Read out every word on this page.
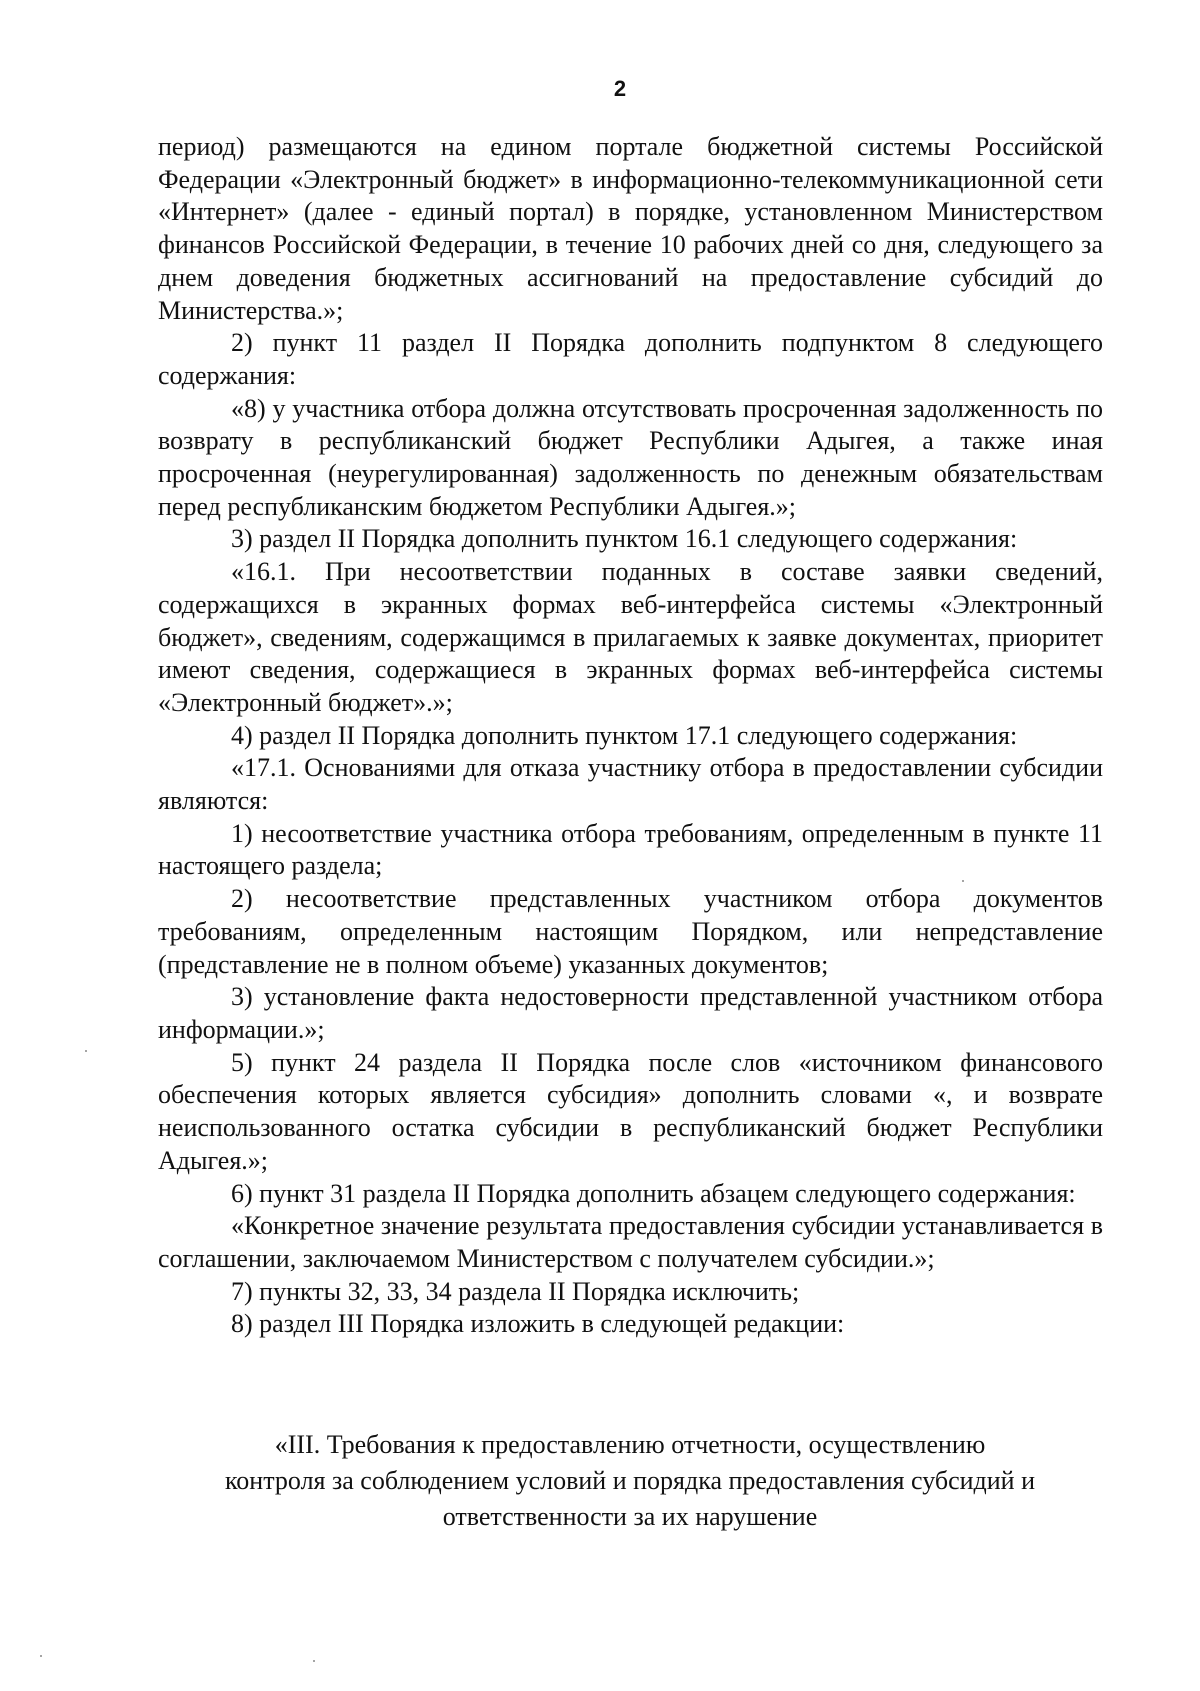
2

период) размещаются на едином портале бюджетной системы Российской Федерации «Электронный бюджет» в информационно-телекоммуникационной сети «Интернет» (далее - единый портал) в порядке, установленном Министерством финансов Российской Федерации, в течение 10 рабочих дней со дня, следующего за днем доведения бюджетных ассигнований на предоставление субсидий до Министерства.»;

2) пункт 11 раздел II Порядка дополнить подпунктом 8 следующего содержания:

«8) у участника отбора должна отсутствовать просроченная задолженность по возврату в республиканский бюджет Республики Адыгея, а также иная просроченная (неурегулированная) задолженность по денежным обязательствам перед республиканским бюджетом Республики Адыгея.»;

3) раздел II Порядка дополнить пунктом 16.1 следующего содержания:

«16.1. При несоответствии поданных в составе заявки сведений, содержащихся в экранных формах веб-интерфейса системы «Электронный бюджет», сведениям, содержащимся в прилагаемых к заявке документах, приоритет имеют сведения, содержащиеся в экранных формах веб-интерфейса системы «Электронный бюджет».»;

4) раздел II Порядка дополнить пунктом 17.1 следующего содержания:

«17.1. Основаниями для отказа участнику отбора в предоставлении субсидии являются:

1) несоответствие участника отбора требованиям, определенным в пункте 11 настоящего раздела;

2) несоответствие представленных участником отбора документов требованиям, определенным настоящим Порядком, или непредставление (представление не в полном объеме) указанных документов;

3) установление факта недостоверности представленной участником отбора информации.»;

5) пункт 24 раздела II Порядка после слов «источником финансового обеспечения которых является субсидия» дополнить словами «, и возврате неиспользованного остатка субсидии в республиканский бюджет Республики Адыгея.»;

6) пункт 31 раздела II Порядка дополнить абзацем следующего содержания:

«Конкретное значение результата предоставления субсидии устанавливается в соглашении, заключаемом Министерством с получателем субсидии.»;

7) пункты 32, 33, 34 раздела II Порядка исключить;

8) раздел III Порядка изложить в следующей редакции:

«III. Требования к предоставлению отчетности, осуществлению
контроля за соблюдением условий и порядка предоставления субсидий и
ответственности за их нарушение
